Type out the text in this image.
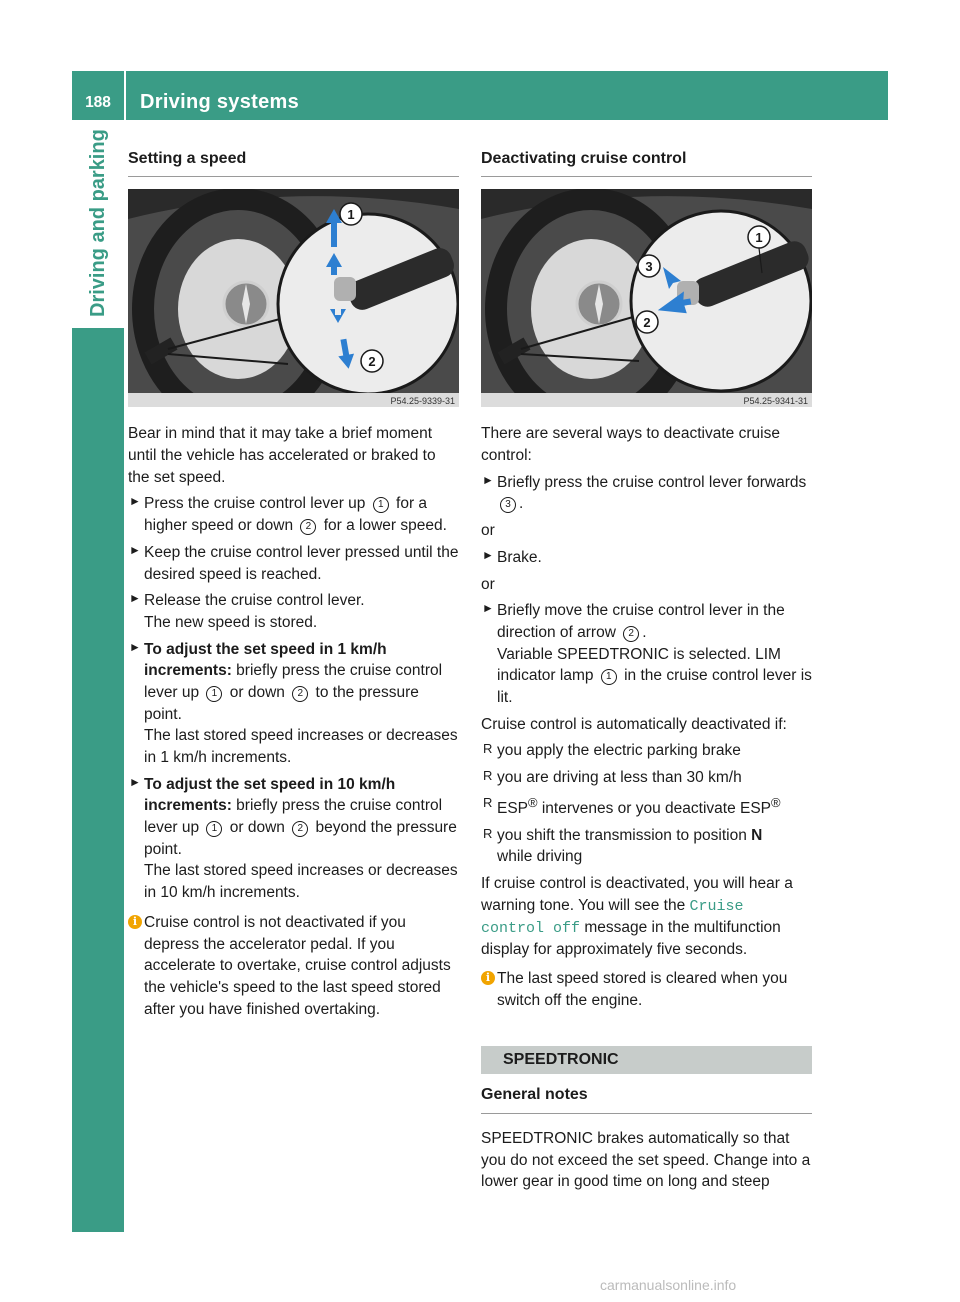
188	Driving systems
Driving and parking Setting a speed
1
2
P54.25-9339-31

Bear in mind that it may take a brief moment until the vehicle has accelerated or braked to the set speed.

► Press the cruise control lever up 1 for a higher speed or down 2 for a lower speed.
► Keep the cruise control lever pressed until the desired speed is reached.
► Release the cruise control lever.
The new speed is stored.
► To adjust the set speed in 1 km/h increments: briefly press the cruise control lever up 1 or down 2 to the pressure point.
The last stored speed increases or decreases in 1 km/h increments.
► To adjust the set speed in 10 km/h increments: briefly press the cruise control lever up 1 or down 2 beyond the pressure point.
The last stored speed increases or decreases in 10 km/h increments.
i Cruise control is not deactivated if you depress the accelerator pedal. If you accelerate to overtake, cruise control adjusts the vehicle's speed to the last speed stored after you have finished overtaking.
Deactivating cruise control
3
2
1
P54.25-9341-31

There are several ways to deactivate cruise control:

► Briefly press the cruise control lever forwards 3 .

or

► Brake.

or

► Briefly move the cruise control lever in the direction of arrow 2 .
Variable SPEEDTRONIC is selected. LIM indicator lamp 1 in the cruise control lever is lit.

Cruise control is automatically deactivated if:

R you apply the electric parking brake
R you are driving at less than 30 km/h
R ESP® intervenes or you deactivate ESP®
R you shift the transmission to position N
while driving

If cruise control is deactivated, you will hear a warning tone. You will see the Cruise control off message in the multifunction display for approximately five seconds.

i The last speed stored is cleared when you switch off the engine.
SPEEDTRONIC
General notes

SPEEDTRONIC brakes automatically so that you do not exceed the set speed. Change into a lower gear in good time on long and steep

carmanualsonline.info
